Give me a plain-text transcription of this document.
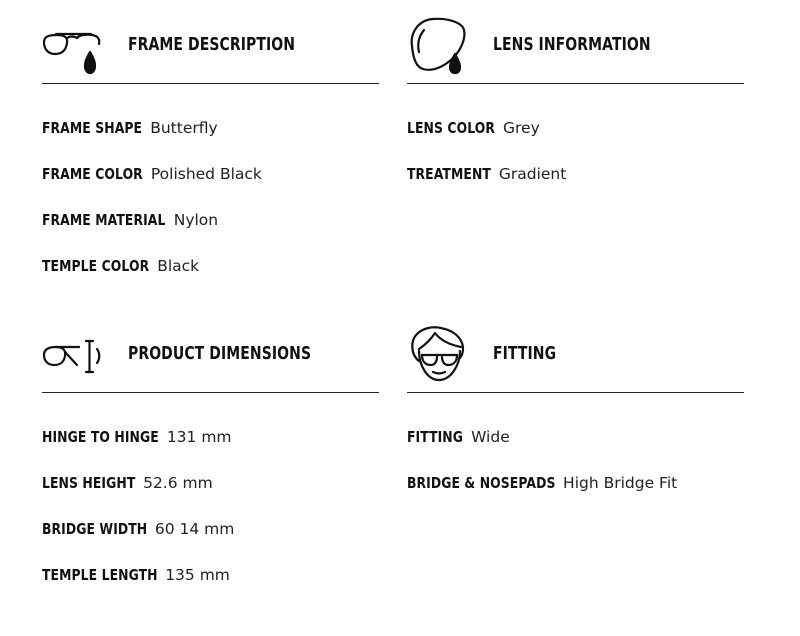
FRAME DESCRIPTION
FRAME SHAPE Butterfly
FRAME COLOR Polished Black
FRAME MATERIAL Nylon
TEMPLE COLOR Black
LENS INFORMATION
LENS COLOR Grey
TREATMENT Gradient
PRODUCT DIMENSIONS
HINGE TO HINGE 131 mm
LENS HEIGHT 52.6 mm
BRIDGE WIDTH 60 14 mm
TEMPLE LENGTH 135 mm
FITTING
FITTING Wide
BRIDGE & NOSEPADS High Bridge Fit
